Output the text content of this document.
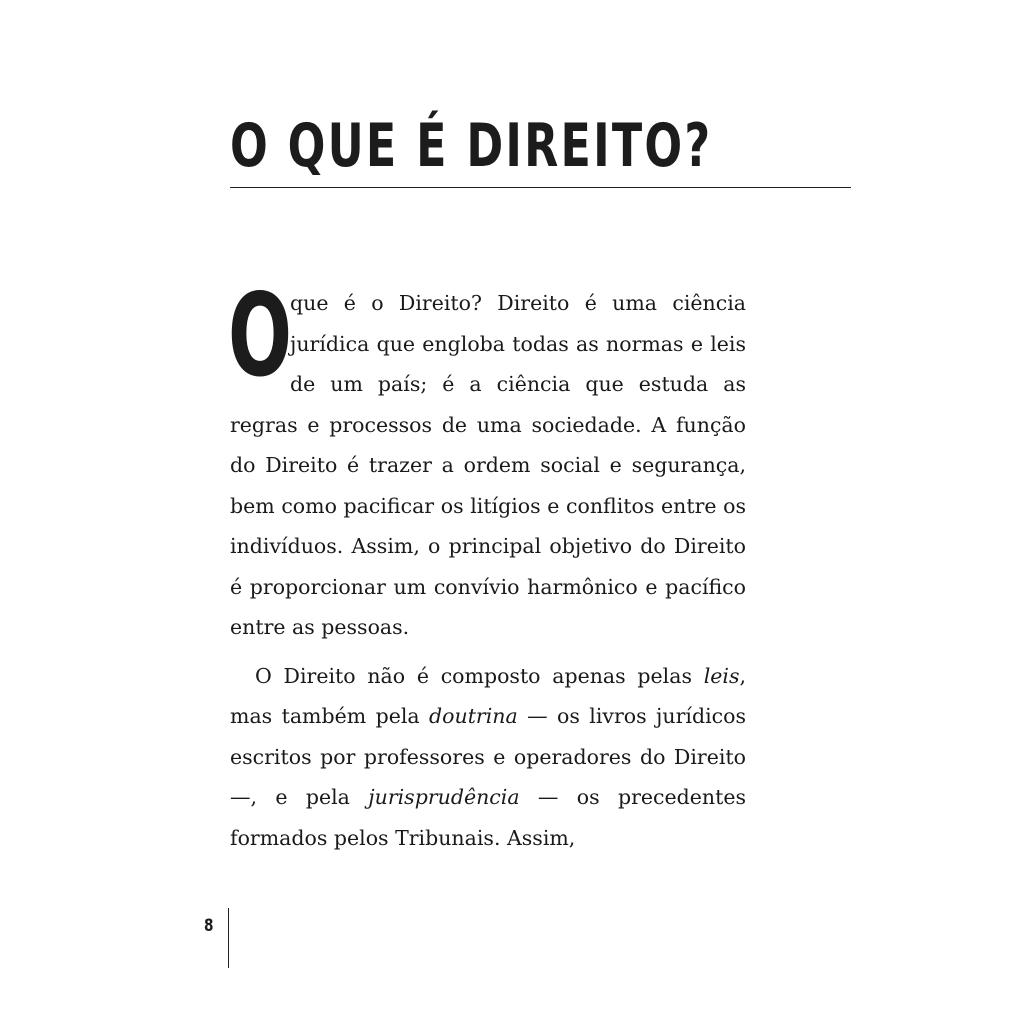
O QUE É DIREITO?

O
que é o Direito? Direito é uma ciência jurídica que engloba todas as normas e leis de um país; é a ciência que estuda as regras e processos de uma sociedade. A função do Direito é trazer a ordem social e segurança, bem como pacificar os litígios e conflitos entre os indivíduos. Assim, o principal objetivo do Direito é proporcionar um convívio harmônico e pacífico entre as pessoas.

O Direito não é composto apenas pelas leis, mas também pela doutrina — os livros jurídicos escritos por professores e operadores do Direito —, e pela jurisprudência — os precedentes formados pelos Tribunais. Assim,

8
